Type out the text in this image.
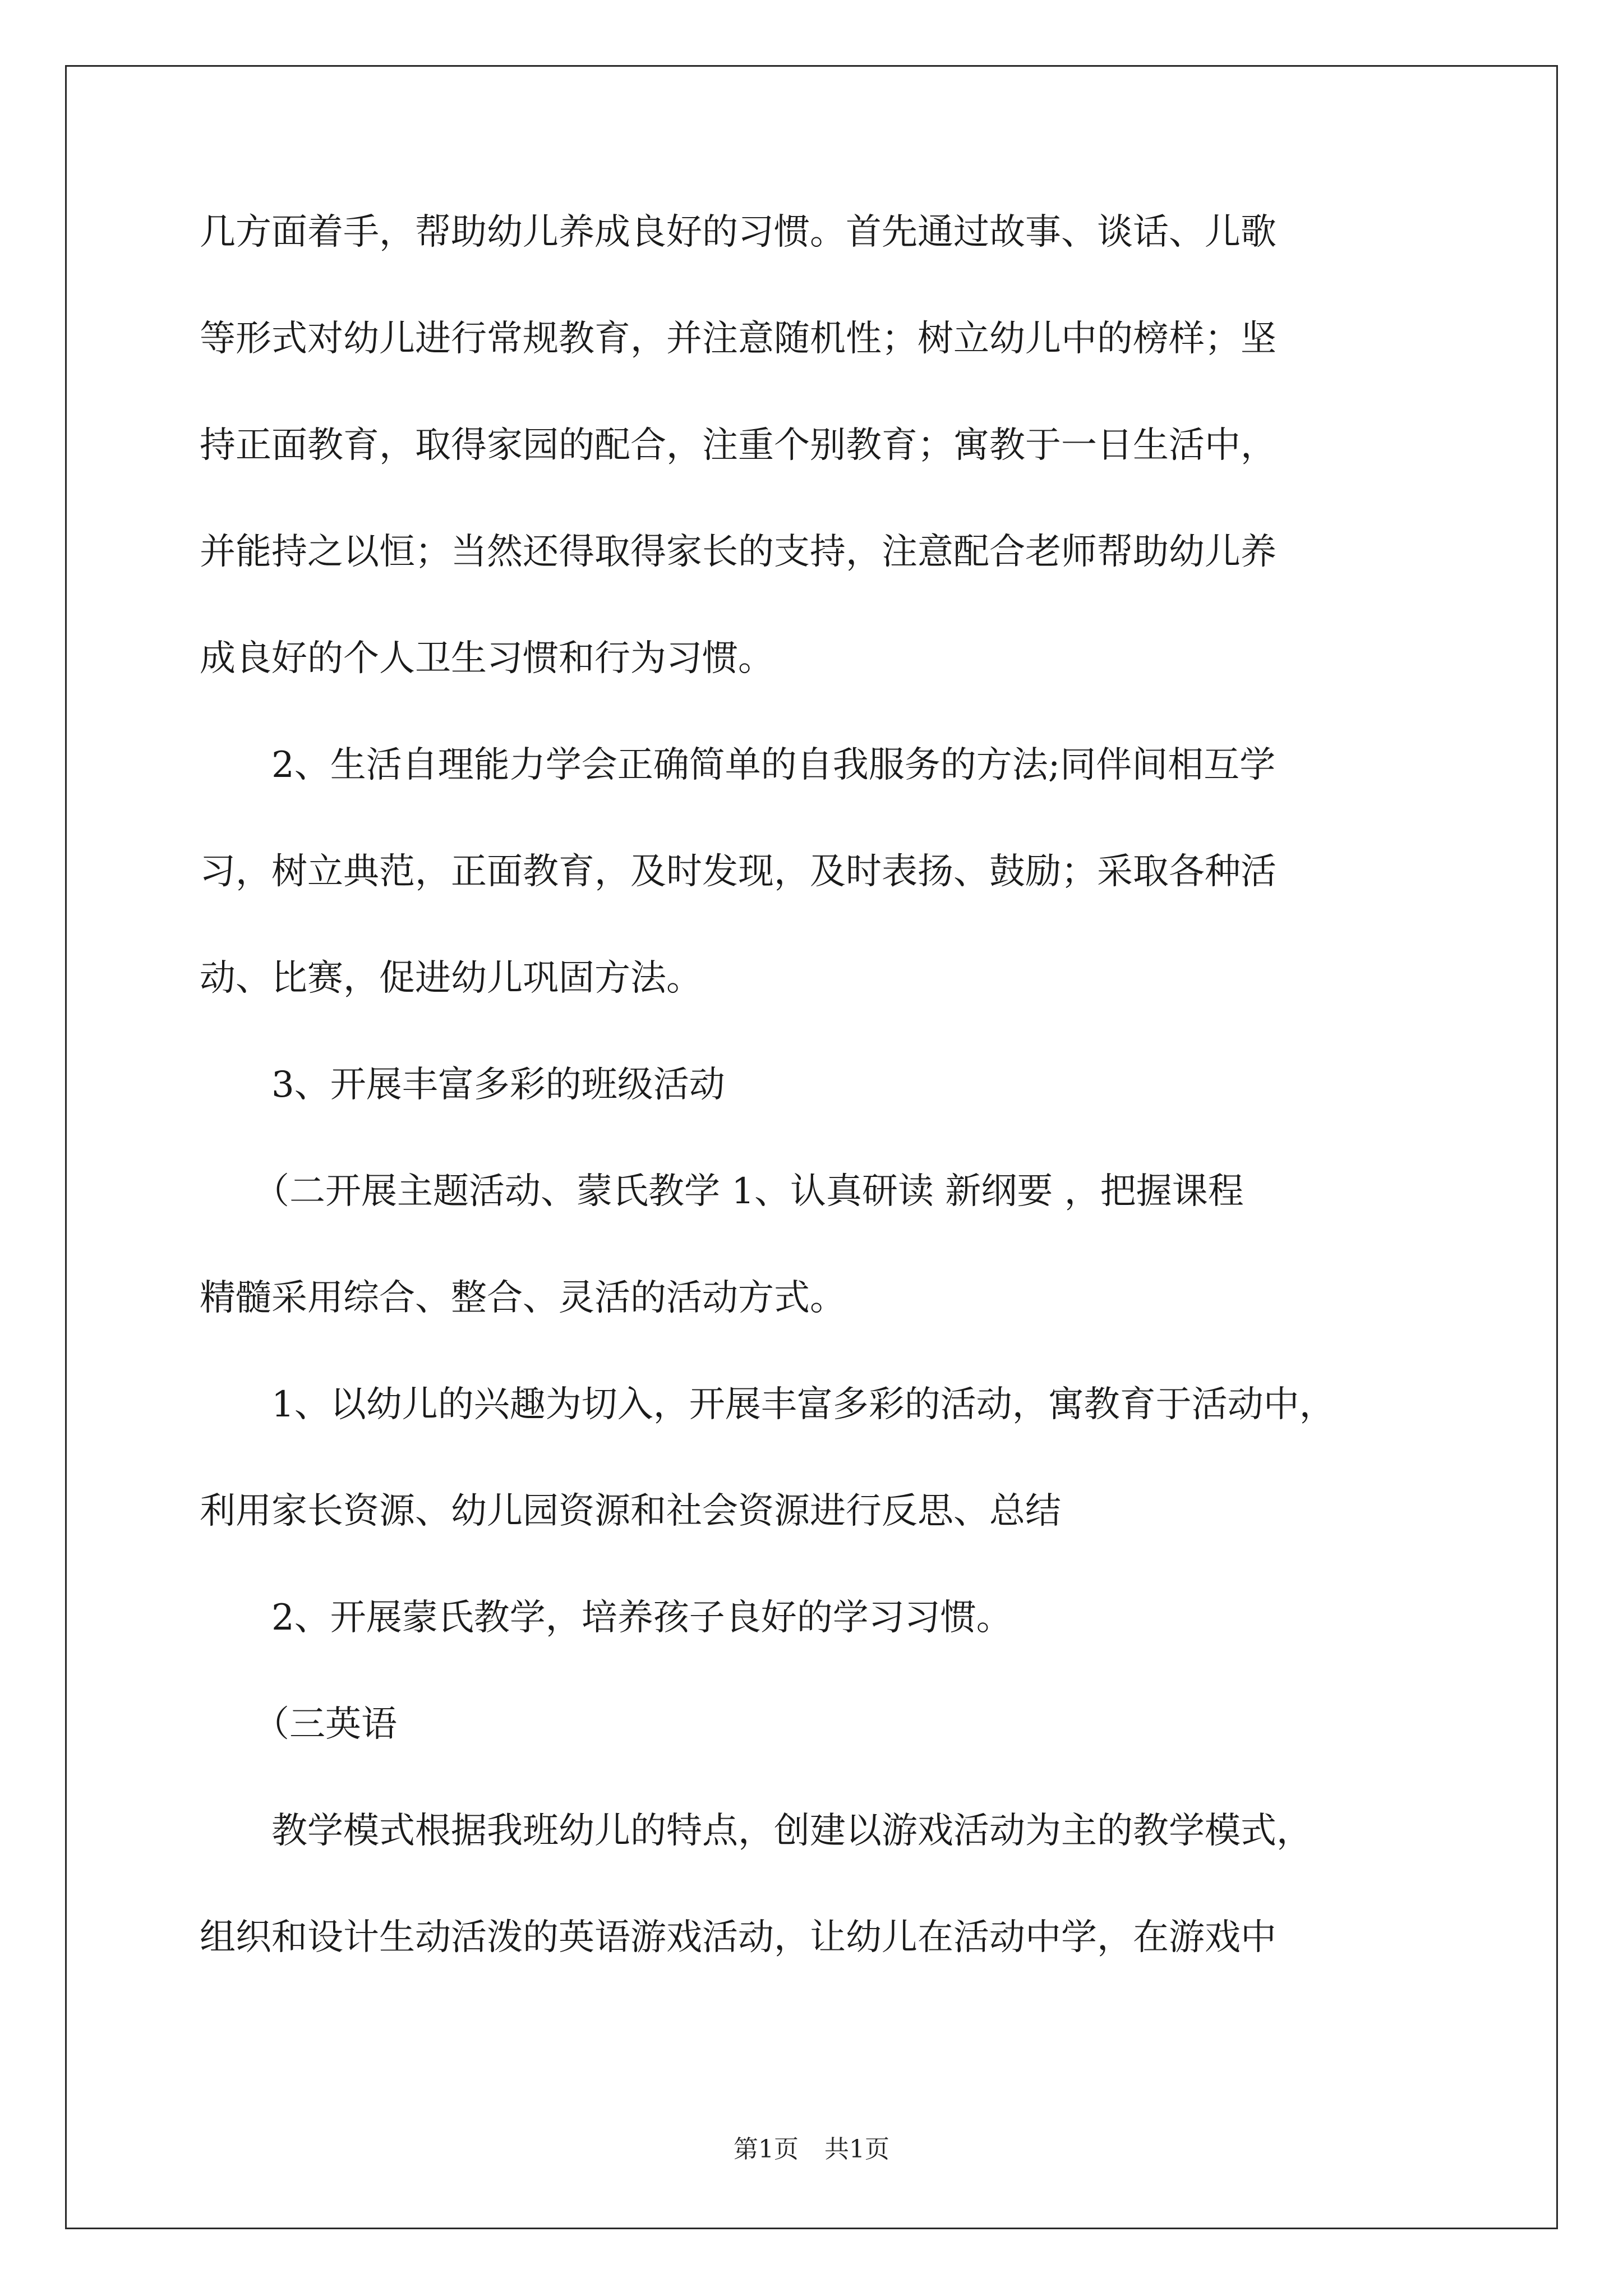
几方面着手，帮助幼儿养成良好的习惯。首先通过故事、谈话、儿歌
等形式对幼儿进行常规教育，并注意随机性；树立幼儿中的榜样；坚
持正面教育，取得家园的配合，注重个别教育；寓教于一日生活中，
并能持之以恒；当然还得取得家长的支持，注意配合老师帮助幼儿养
成良好的个人卫生习惯和行为习惯。
　　2、生活自理能力学会正确简单的自我服务的方法;同伴间相互学
习，树立典范，正面教育，及时发现，及时表扬、鼓励；采取各种活
动、比赛，促进幼儿巩固方法。
　　3、开展丰富多彩的班级活动
　　（二开展主题活动、蒙氏教学 1、认真研读 新纲要 ，把握课程
精髓采用综合、整合、灵活的活动方式。
　　1、以幼儿的兴趣为切入，开展丰富多彩的活动，寓教育于活动中，
利用家长资源、幼儿园资源和社会资源进行反思、总结
　　2、开展蒙氏教学，培养孩子良好的学习习惯。
　　（三英语
　　教学模式根据我班幼儿的特点，创建以游戏活动为主的教学模式，
组织和设计生动活泼的英语游戏活动，让幼儿在活动中学，在游戏中
第1页 共1页
